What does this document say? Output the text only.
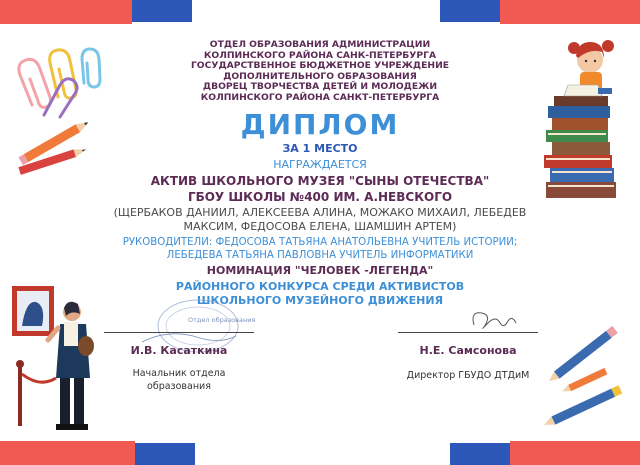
ОТДЕЛ ОБРАЗОВАНИЯ АДМИНИСТРАЦИИ
КОЛПИНСКОГО РАЙОНА САНК-ПЕТЕРБУРГА
ГОСУДАРСТВЕННОЕ БЮДЖЕТНОЕ УЧРЕЖДЕНИЕ ДОПОЛНИТЕЛЬНОГО ОБРАЗОВАНИЯ
ДВОРЕЦ ТВОРЧЕСТВА ДЕТЕЙ И МОЛОДЕЖИ
КОЛПИНСКОГО РАЙОНА САНКТ-ПЕТЕРБУРГА

ДИПЛОМ

ЗА 1 МЕСТО

НАГРАЖДАЕТСЯ

АКТИВ ШКОЛЬНОГО МУЗЕЯ "СЫНЫ ОТЕЧЕСТВА"
ГБОУ ШКОЛЫ №400 ИМ. А.НЕВСКОГО

(ЩЕРБАКОВ ДАНИИЛ, АЛЕКСЕЕВА АЛИНА, МОЖАКО МИХАИЛ, ЛЕБЕДЕВ
МАКСИМ, ФЕДОСОВА ЕЛЕНА, ШАМШИН АРТЕМ)

РУКОВОДИТЕЛИ: ФЕДОСОВА ТАТЬЯНА АНАТОЛЬЕВНА УЧИТЕЛЬ ИСТОРИИ;
ЛЕБЕДЕВА ТАТЬЯНА ПАВЛОВНА УЧИТЕЛЬ ИНФОРМАТИКИ

НОМИНАЦИЯ "ЧЕЛОВЕК -ЛЕГЕНДА"

РАЙОННОГО КОНКУРСА СРЕДИ АКТИВИСТОВ
ШКОЛЬНОГО МУЗЕЙНОГО ДВИЖЕНИЯ

Отдел образования
И.В. Касаткина
Начальник отдела
образования
Н.Е. Самсонова
Директор ГБУДО ДТДиМ
